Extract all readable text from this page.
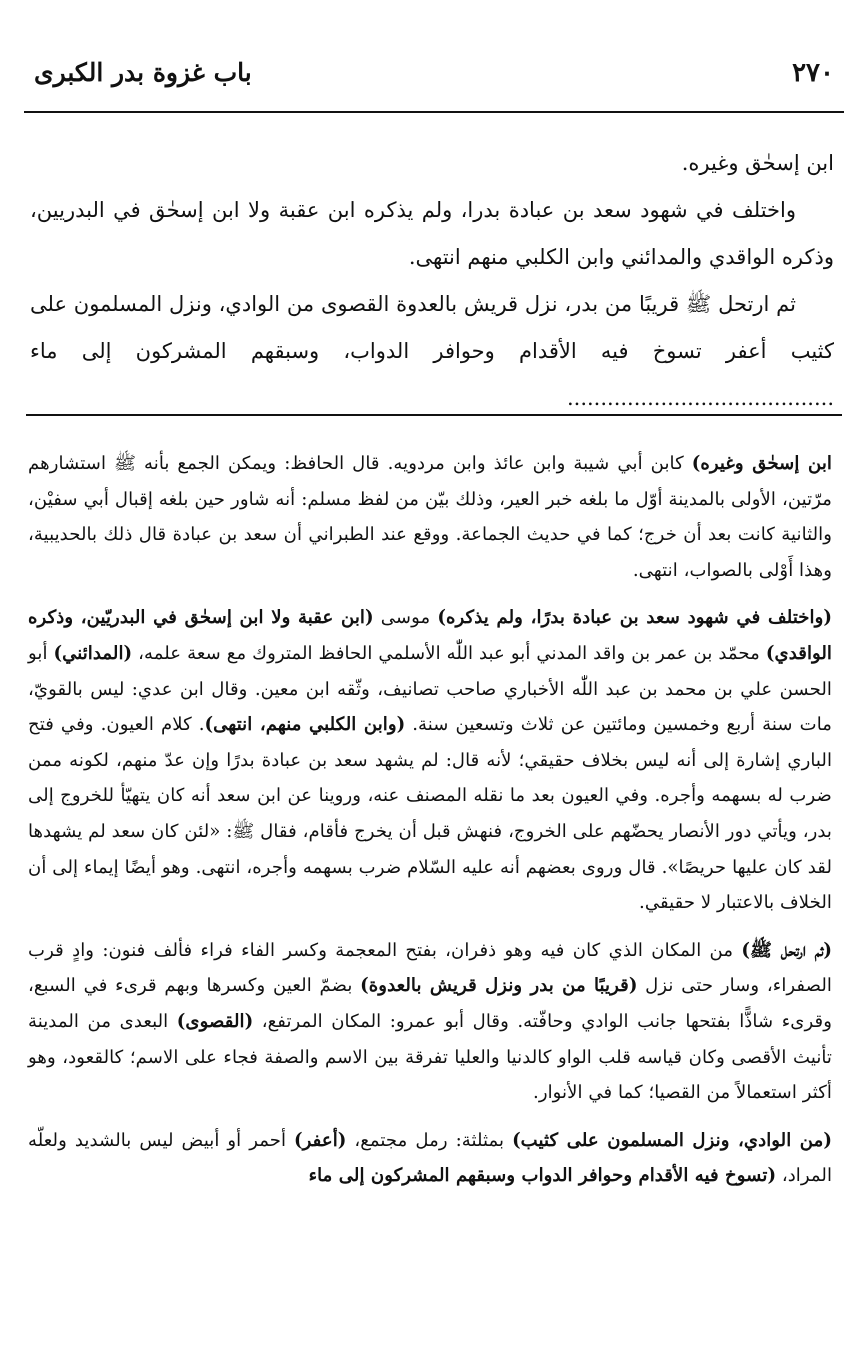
باب غزوة بدر الكبرى	٢٧٠

ابن إسحٰق وغيره.

واختلف في شهود سعد بن عبادة بدرا، ولم يذكره ابن عقبة ولا ابن إسحٰق في البدريين، وذكره الواقدي والمدائني وابن الكلبي منهم انتهى.

ثم ارتحل ﷺ قريبًا من بدر، نزل قريش بالعدوة القصوى من الوادي، ونزل المسلمون على كثيب أعفر تسوخ فيه الأقدام وحوافر الدواب، وسبقهم المشركون إلى ماء ........................................

ابن إسحٰق وغيره) كابن أبي شيبة وابن عائذ وابن مردويه. قال الحافظ: ويمكن الجمع بأنه ﷺ استشارهم مرّتين، الأولى بالمدينة أوّل ما بلغه خبر العير، وذلك بيّن من لفظ مسلم: أنه شاور حين بلغه إقبال أبي سفيْن، والثانية كانت بعد أن خرج؛ كما في حديث الجماعة. ووقع عند الطبراني أن سعد بن عبادة قال ذلك بالحديبية، وهذا أَوْلى بالصواب، انتهى.

(واختلف في شهود سعد بن عبادة بدرًا، ولم يذكره) موسى (ابن عقبة ولا ابن إسحٰق في البدريّين، وذكره الواقدي) محمّد بن عمر بن واقد المدني أبو عبد اللّٰه الأسلمي الحافظ المتروك مع سعة علمه، (المدائني) أبو الحسن علي بن محمد بن عبد اللّٰه الأخباري صاحب تصانيف، وثّقه ابن معين. وقال ابن عدي: ليس بالقويّ، مات سنة أربع وخمسين ومائتين عن ثلاث وتسعين سنة. (وابن الكلبي منهم، انتهى). كلام العيون. وفي فتح الباري إشارة إلى أنه ليس بخلاف حقيقي؛ لأنه قال: لم يشهد سعد بن عبادة بدرًا وإن عدّ منهم، لكونه ممن ضرب له بسهمه وأجره. وفي العيون بعد ما نقله المصنف عنه، وروينا عن ابن سعد أنه كان يتهيّأ للخروج إلى بدر، ويأتي دور الأنصار يحضّهم على الخروج، فنهش قبل أن يخرج فأقام، فقال ﷺ: «لئن كان سعد لم يشهدها لقد كان عليها حريصًا». قال وروى بعضهم أنه عليه السّلام ضرب بسهمه وأجره، انتهى. وهو أيضًا إيماء إلى أن الخلاف بالاعتبار لا حقيقي.

(ثم ارتحل ﷺ) من المكان الذي كان فيه وهو ذفران، بفتح المعجمة وكسر الفاء فراء فألف فنون: وادٍ قرب الصفراء، وسار حتى نزل (قريبًا من بدر ونزل قريش بالعدوة) بضمّ العين وكسرها وبهم قرىء في السبع، وقرىء شاذًّا بفتحها جانب الوادي وحافّته. وقال أبو عمرو: المكان المرتفع، (القصوى) البعدى من المدينة تأنيث الأقصى وكان قياسه قلب الواو كالدنيا والعليا تفرقة بين الاسم والصفة فجاء على الاسم؛ كالقعود، وهو أكثر استعمالاً من القصيا؛ كما في الأنوار.

(من الوادي، ونزل المسلمون على كثيب) بمثلثة: رمل مجتمع، (أعفر) أحمر أو أبيض ليس بالشديد ولعلّه المراد، (تسوخ فيه الأقدام وحوافر الدواب وسبقهم المشركون إلى ماء
